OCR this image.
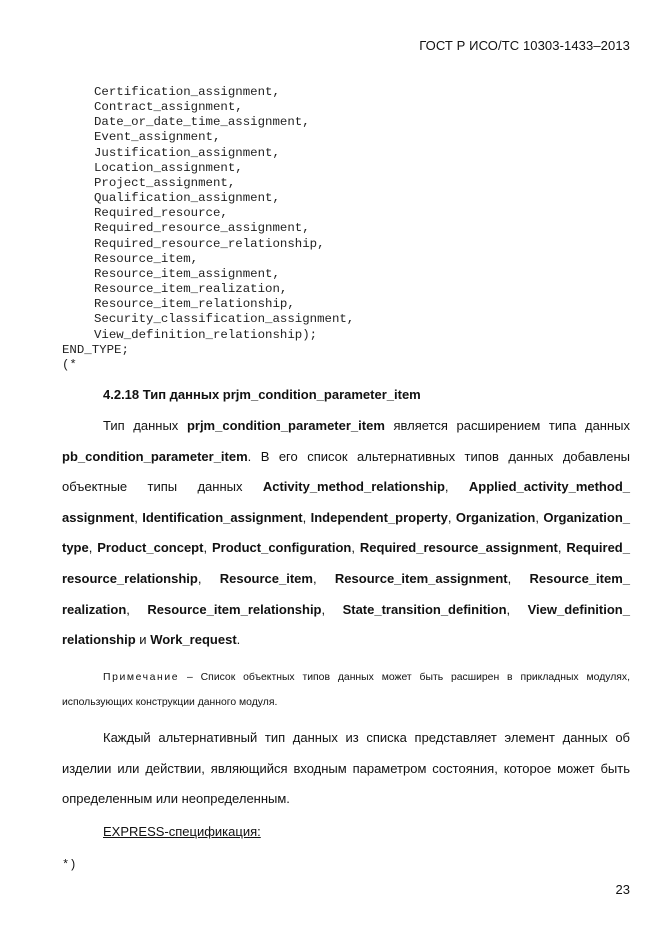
ГОСТ Р ИСО/ТС 10303-1433–2013
Certification_assignment,
Contract_assignment,
Date_or_date_time_assignment,
Event_assignment,
Justification_assignment,
Location_assignment,
Project_assignment,
Qualification_assignment,
Required_resource,
Required_resource_assignment,
Required_resource_relationship,
Resource_item,
Resource_item_assignment,
Resource_item_realization,
Resource_item_relationship,
Security_classification_assignment,
View_definition_relationship);
END_TYPE;
(*
4.2.18 Тип данных prjm_condition_parameter_item
Тип данных prjm_condition_parameter_item является расширением типа данных pb_condition_parameter_item. В его список альтернативных типов данных добавлены объектные типы данных Activity_method_relationship, Applied_activity_method_ assignment, Identification_assignment, Independent_property, Organization, Organization_ type, Product_concept, Product_configuration, Required_resource_assignment, Required_ resource_relationship, Resource_item, Resource_item_assignment, Resource_item_ realization, Resource_item_relationship, State_transition_definition, View_definition_ relationship и Work_request.
Примечание – Список объектных типов данных может быть расширен в прикладных модулях, использующих конструкции данного модуля.
Каждый альтернативный тип данных из списка представляет элемент данных об изделии или действии, являющийся входным параметром состояния, которое может быть определенным или неопределенным.
EXPRESS-спецификация:
*)
23
